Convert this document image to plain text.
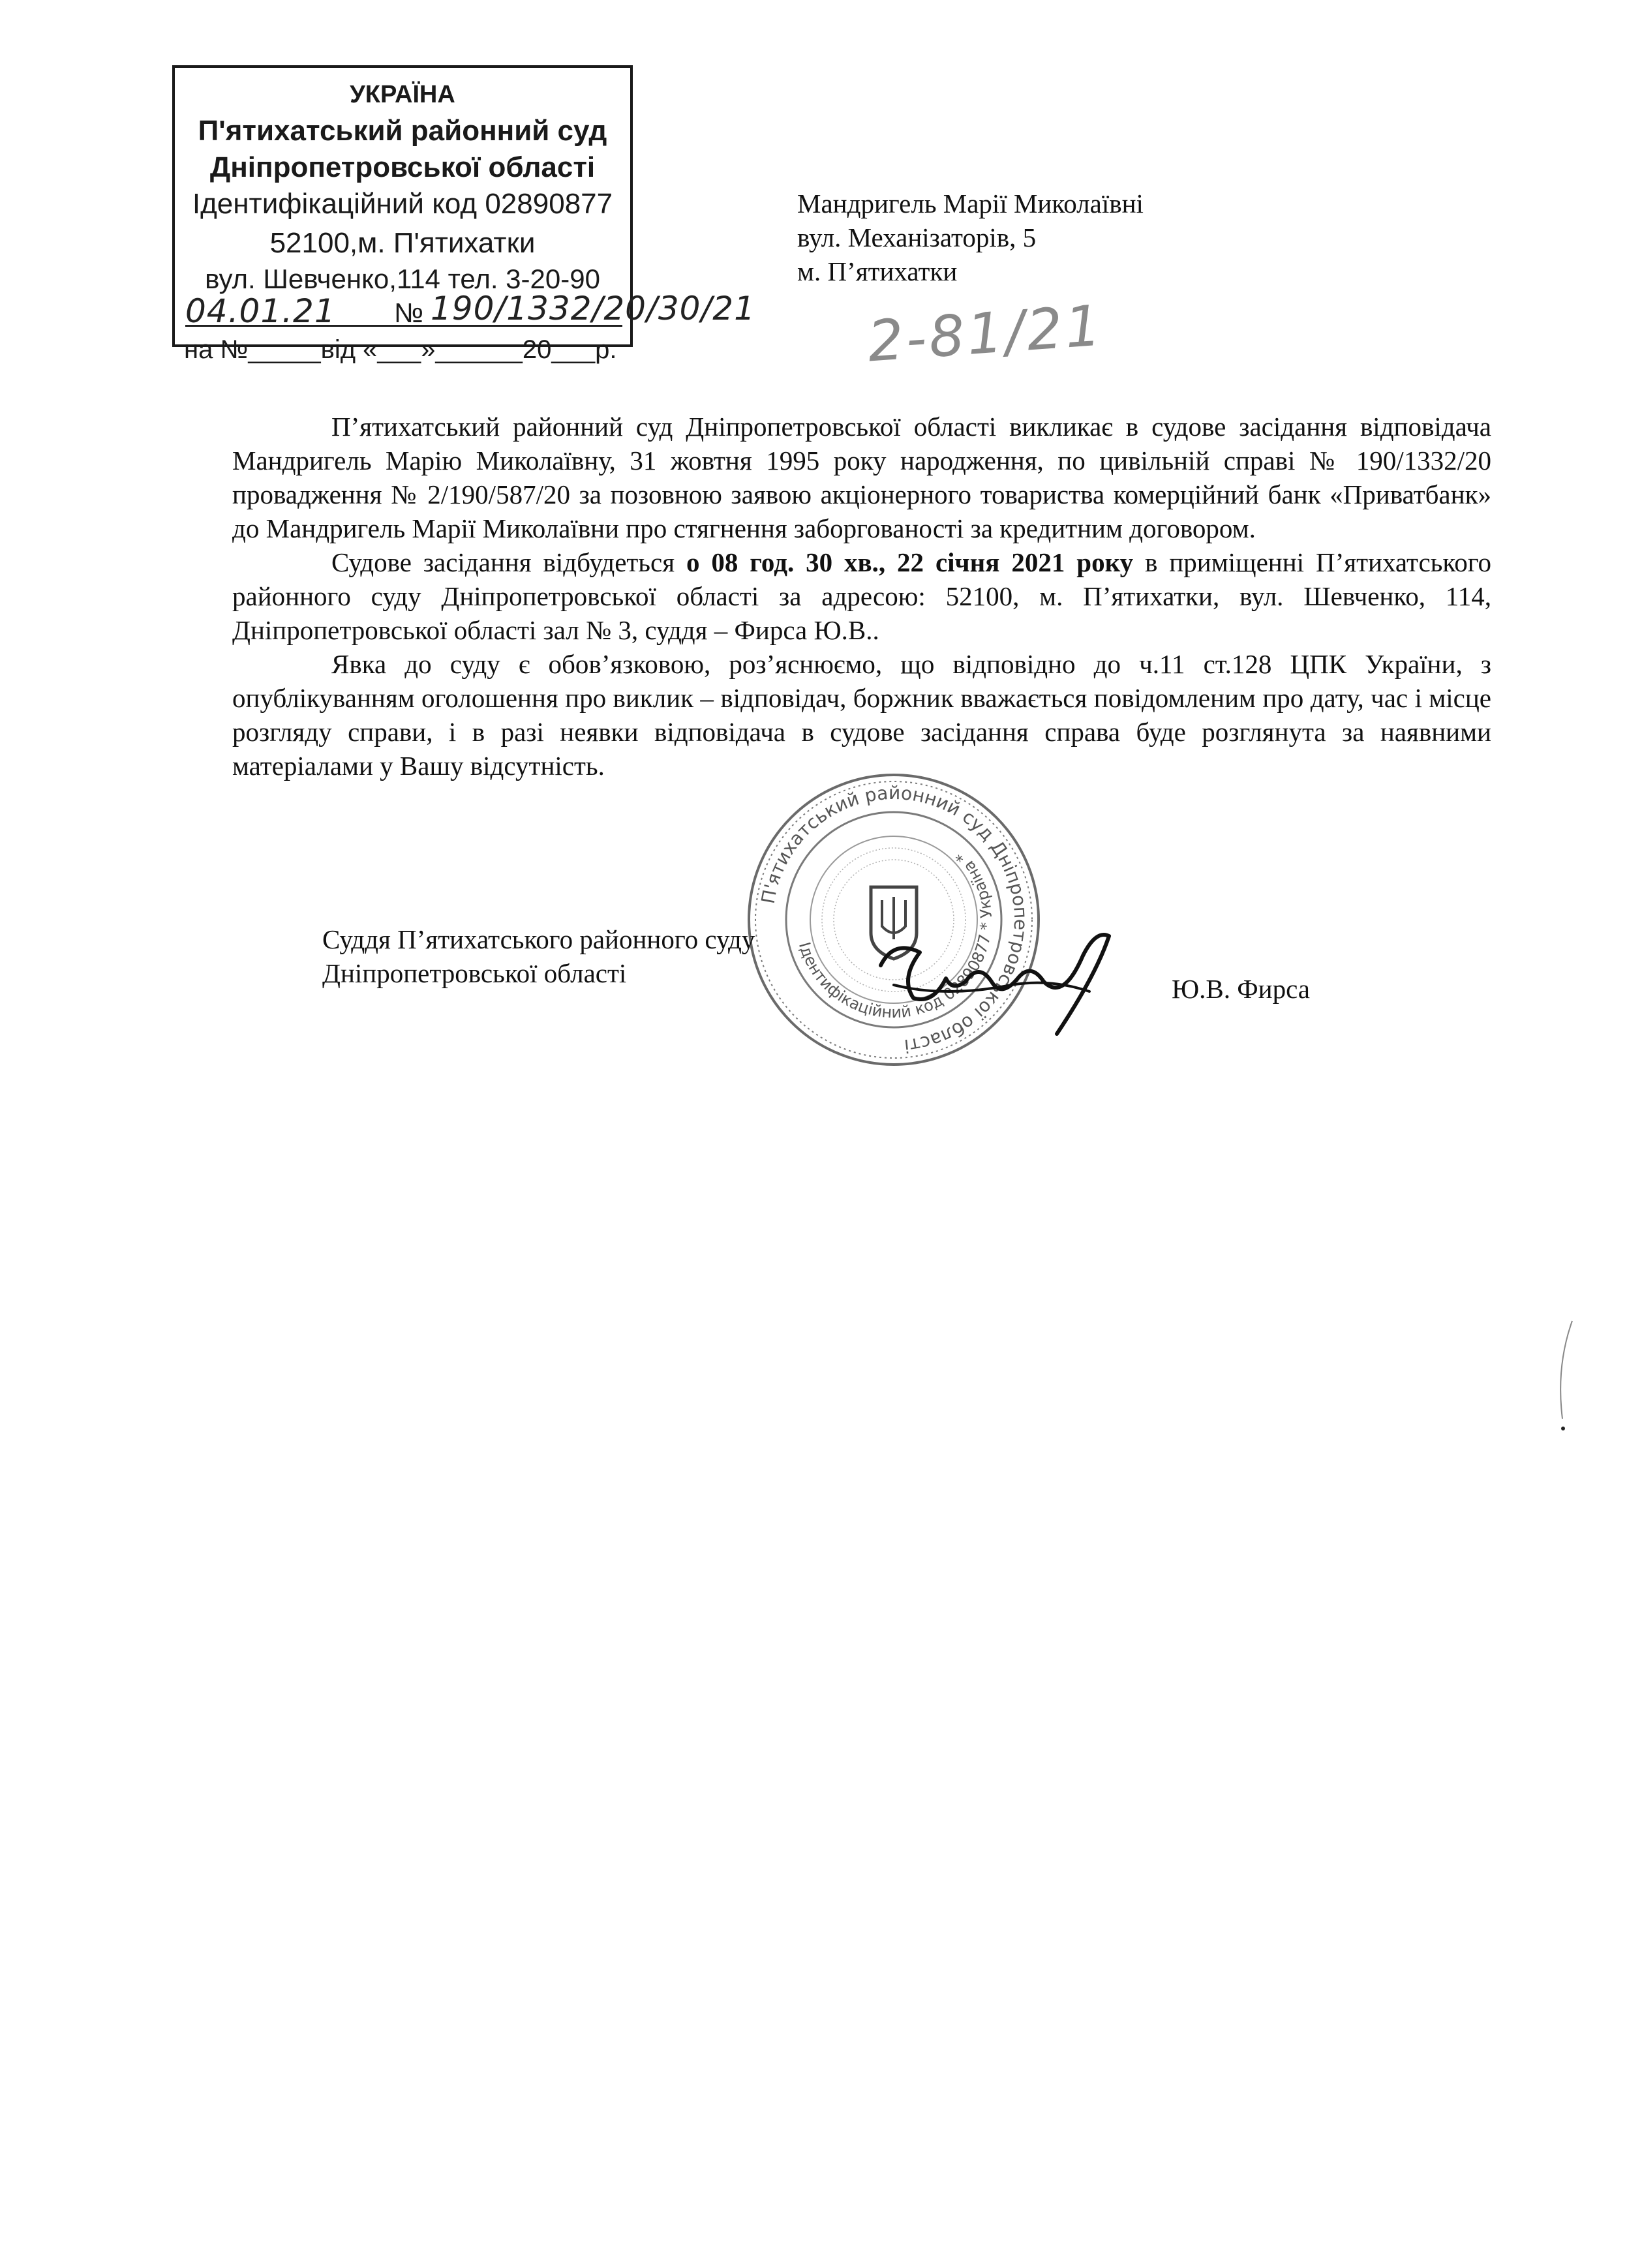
УКРАЇНА
П'ятихатський районний суд
Дніпропетровської області
Ідентифікаційний код 02890877
52100,м. П'ятихатки
вул. Шевченко,114 тел. 3-20-90
04.01.21 № 190/1332/20/30/21
на №_____від «___»______20___р.
Мандригель Марії Миколаївні
вул. Механізаторів, 5
м. П’ятихатки
2-81/21

П’ятихатський районний суд Дніпропетровської області викликає в судове засідання відповідача Мандригель Марію Миколаївну, 31 жовтня 1995 року народження, по цивільній справі № 190/1332/20 провадження № 2/190/587/20 за позовною заявою акціонерного товариства комерційний банк «Приватбанк» до Мандригель Марії Миколаївни про стягнення заборгованості за кредитним договором.

Судове засідання відбудеться о 08 год. 30 хв., 22 січня 2021 року в приміщенні П’ятихатського районного суду Дніпропетровської області за адресою: 52100, м. П’ятихатки, вул. Шевченко, 114, Дніпропетровської області зал № 3, суддя – Фирса Ю.В..

Явка до суду є обов’язковою, роз’яснюємо, що відповідно до ч.11 ст.128 ЦПК України, з опублікуванням оголошення про виклик – відповідач, боржник вважається повідомленим про дату, час і місце розгляду справи, і в разі неявки відповідача в судове засідання справа буде розглянута за наявними матеріалами у Вашу відсутність.

П'ятихатський районний суд Дніпропетровської області
Ідентифікаційний код 02890877 * Україна *
Суддя П’ятихатського районного суду
Дніпропетровської області
Ю.В. Фирса
